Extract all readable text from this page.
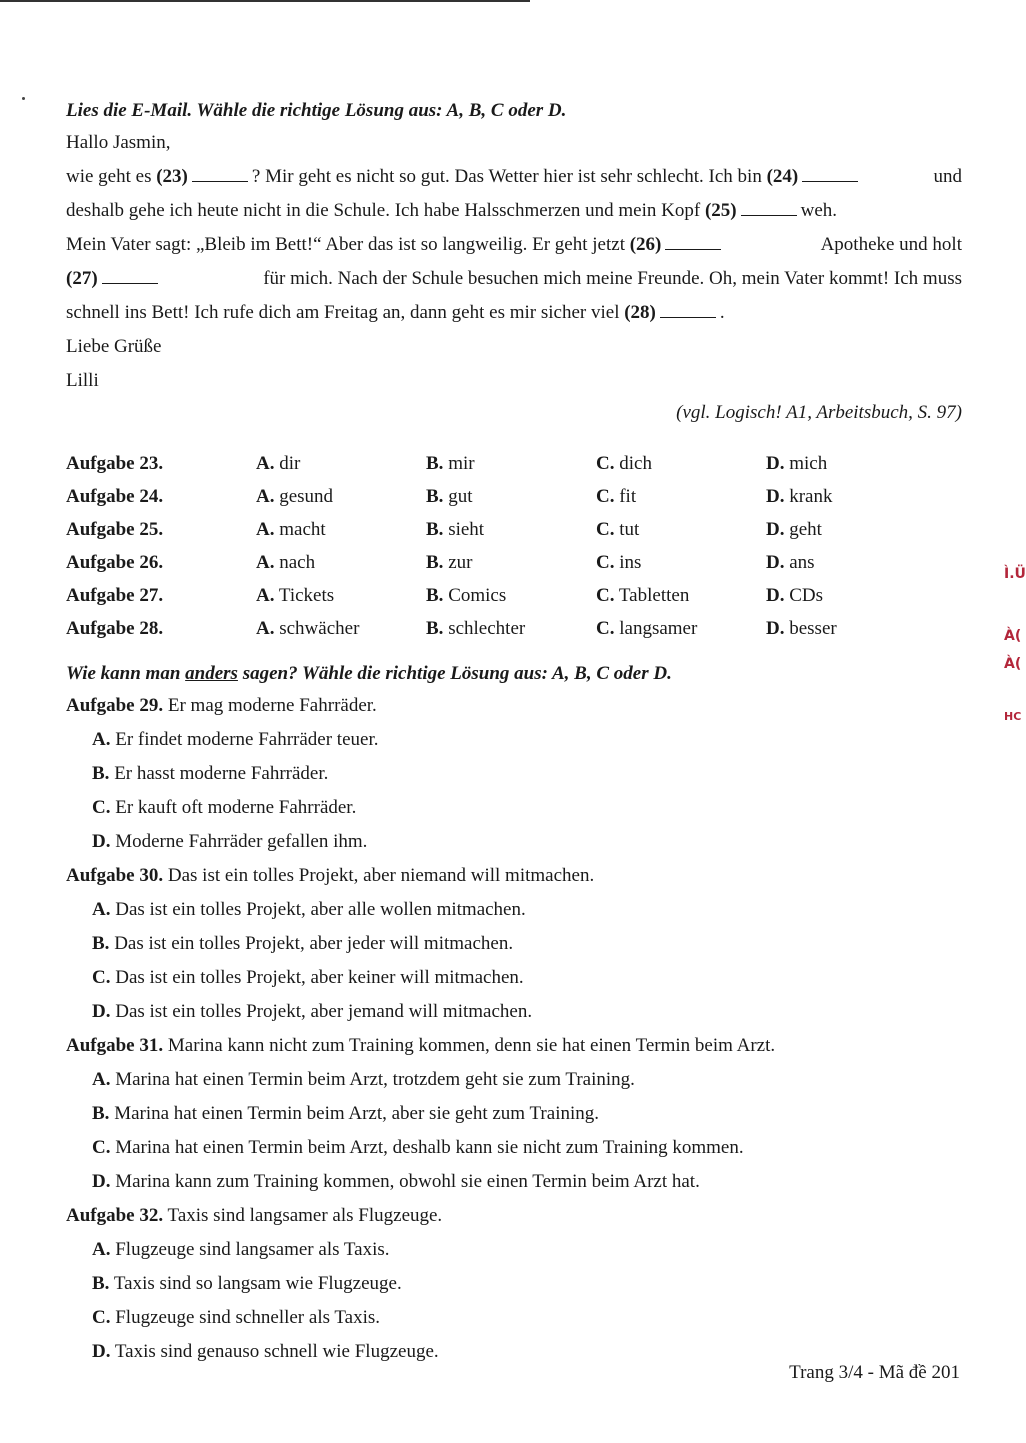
Lies die E-Mail. Wähle die richtige Lösung aus: A, B, C oder D.

Hallo Jasmin,

wie geht es (23)	? Mir geht es nicht so gut. Das Wetter hier ist sehr schlecht. Ich bin (24)	und

deshalb gehe ich heute nicht in die Schule. Ich habe Halsschmerzen und mein Kopf (25)	weh.

Mein Vater sagt: „Bleib im Bett!“ Aber das ist so langweilig. Er geht jetzt (26)	Apotheke und holt

(27)	für mich. Nach der Schule besuchen mich meine Freunde. Oh, mein Vater kommt! Ich muss

schnell ins Bett! Ich rufe dich am Freitag an, dann geht es mir sicher viel (28)	.

Liebe Grüße

Lilli

(vgl. Logisch! A1, Arbeitsbuch, S. 97)

Aufgabe 23.	A. dir	B. mir	C. dich	D. mich
Aufgabe 24.	A. gesund	B. gut	C. fit	D. krank
Aufgabe 25.	A. macht	B. sieht	C. tut	D. geht
Aufgabe 26.	A. nach	B. zur	C. ins	D. ans
Aufgabe 27.	A. Tickets	B. Comics	C. Tabletten	D. CDs
Aufgabe 28.	A. schwächer	B. schlechter	C. langsamer	D. besser

Wie kann man anders sagen? Wähle die richtige Lösung aus: A, B, C oder D.

Aufgabe 29. Er mag moderne Fahrräder.
A. Er findet moderne Fahrräder teuer.
B. Er hasst moderne Fahrräder.
C. Er kauft oft moderne Fahrräder.
D. Moderne Fahrräder gefallen ihm.
Aufgabe 30. Das ist ein tolles Projekt, aber niemand will mitmachen.
A. Das ist ein tolles Projekt, aber alle wollen mitmachen.
B. Das ist ein tolles Projekt, aber jeder will mitmachen.
C. Das ist ein tolles Projekt, aber keiner will mitmachen.
D. Das ist ein tolles Projekt, aber jemand will mitmachen.
Aufgabe 31. Marina kann nicht zum Training kommen, denn sie hat einen Termin beim Arzt.
A. Marina hat einen Termin beim Arzt, trotzdem geht sie zum Training.
B. Marina hat einen Termin beim Arzt, aber sie geht zum Training.
C. Marina hat einen Termin beim Arzt, deshalb kann sie nicht zum Training kommen.
D. Marina kann zum Training kommen, obwohl sie einen Termin beim Arzt hat.
Aufgabe 32. Taxis sind langsamer als Flugzeuge.
A. Flugzeuge sind langsamer als Taxis.
B. Taxis sind so langsam wie Flugzeuge.
C. Flugzeuge sind schneller als Taxis.
D. Taxis sind genauso schnell wie Flugzeuge.
Trang 3/4 - Mã đề 201
Ì.Ü
À(
À(
HC
